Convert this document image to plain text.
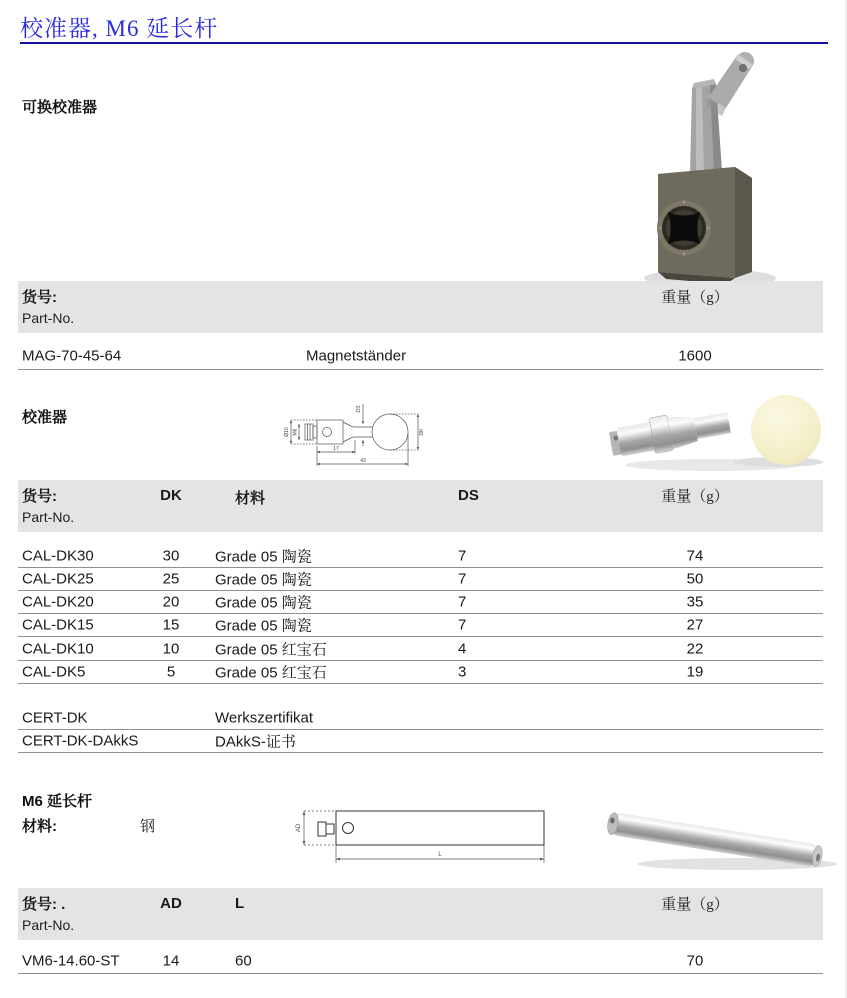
校准器, M6 延长杆
可换校准器
货号:
Part-No.
重量（g）
MAG-70-45-64	Magnetständer	1600
校准器
Ø10 M6
DS
DK
17
43
货号:
Part-No.
DK	材料	DS	重量（g）
CAL-DK30	30	Grade 05 陶瓷	7	74
CAL-DK25	25	Grade 05 陶瓷	7	50
CAL-DK20	20	Grade 05 陶瓷	7	35
CAL-DK15	15	Grade 05 陶瓷	7	27
CAL-DK10	10	Grade 05 红宝石	4	22
CAL-DK5	5	Grade 05 红宝石	3	19
CERT-DK	Werkszertifikat
CERT-DK-DAkkS	DAkkS-证书
M6 延长杆
材料:	钢	AD
L
货号: .
Part-No.
AD	L	重量（g）
VM6-14.60-ST	14	60	70
